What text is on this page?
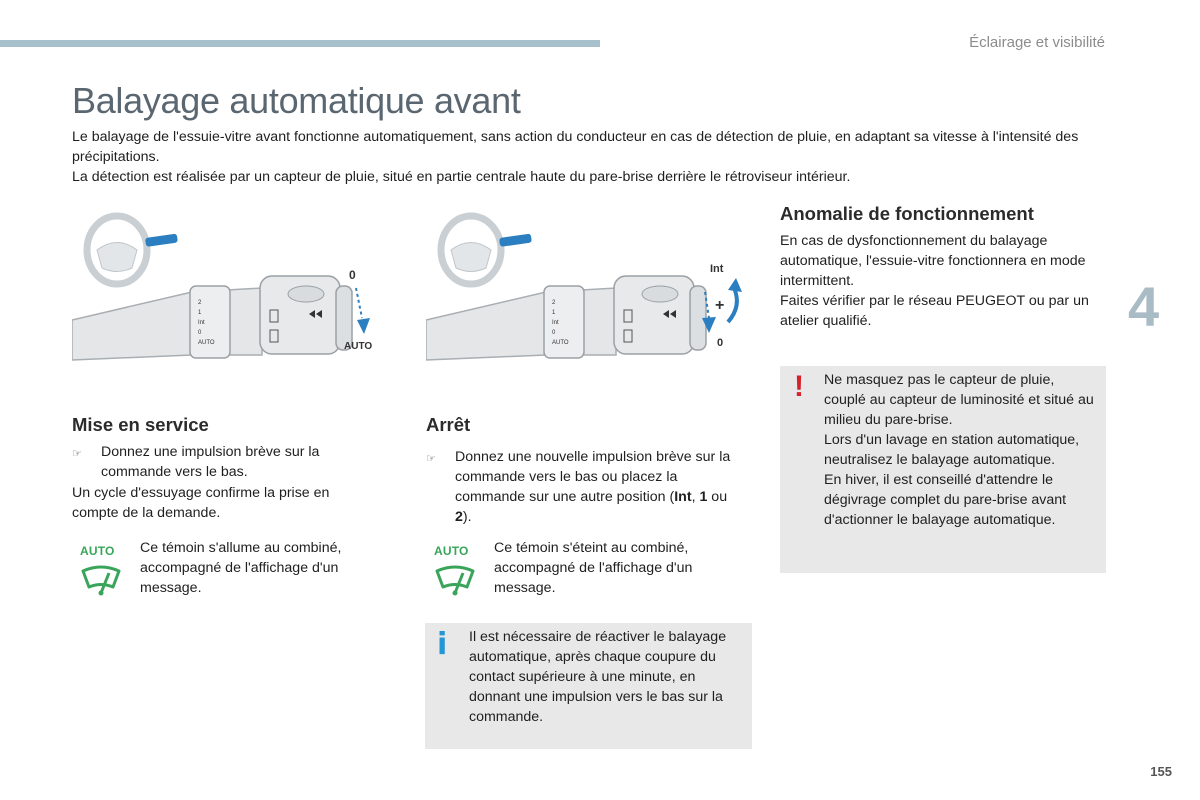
Éclairage et visibilité
Balayage automatique avant

Le balayage de l'essuie-vitre avant fonctionne automatiquement, sans action du conducteur en cas de détection de pluie, en adaptant sa vitesse à l'intensité des précipitations.

La détection est réalisée par un capteur de pluie, situé en partie centrale haute du pare-brise derrière le rétroviseur intérieur.

2
1
Int
0
AUTO
0
AUTO
2
1
Int
0
AUTO
Int
+
0
Mise en service
☞	Donnez une impulsion brève sur la commande vers le bas.

Un cycle d'essuyage confirme la prise en compte de la demande.

AUTO Ce témoin s'allume au combiné, accompagné de l'affichage d'un message.

Arrêt
☞	Donnez une nouvelle impulsion brève sur la commande vers le bas ou placez la commande sur une autre position (Int, 1 ou 2).
AUTO Ce témoin s'éteint au combiné, accompagné de l'affichage d'un message.

i Il est nécessaire de réactiver le balayage automatique, après chaque coupure du contact supérieure à une minute, en donnant une impulsion vers le bas sur la commande.

Anomalie de fonctionnement

En cas de dysfonctionnement du balayage automatique, l'essuie-vitre fonctionnera en mode intermittent.

Faites vérifier par le réseau PEUGEOT ou par un atelier qualifié.

! Ne masquez pas le capteur de pluie, couplé au capteur de luminosité et situé au milieu du pare-brise.

Lors d'un lavage en station automatique, neutralisez le balayage automatique.

En hiver, il est conseillé d'attendre le dégivrage complet du pare-brise avant d'actionner le balayage automatique.

4
155
